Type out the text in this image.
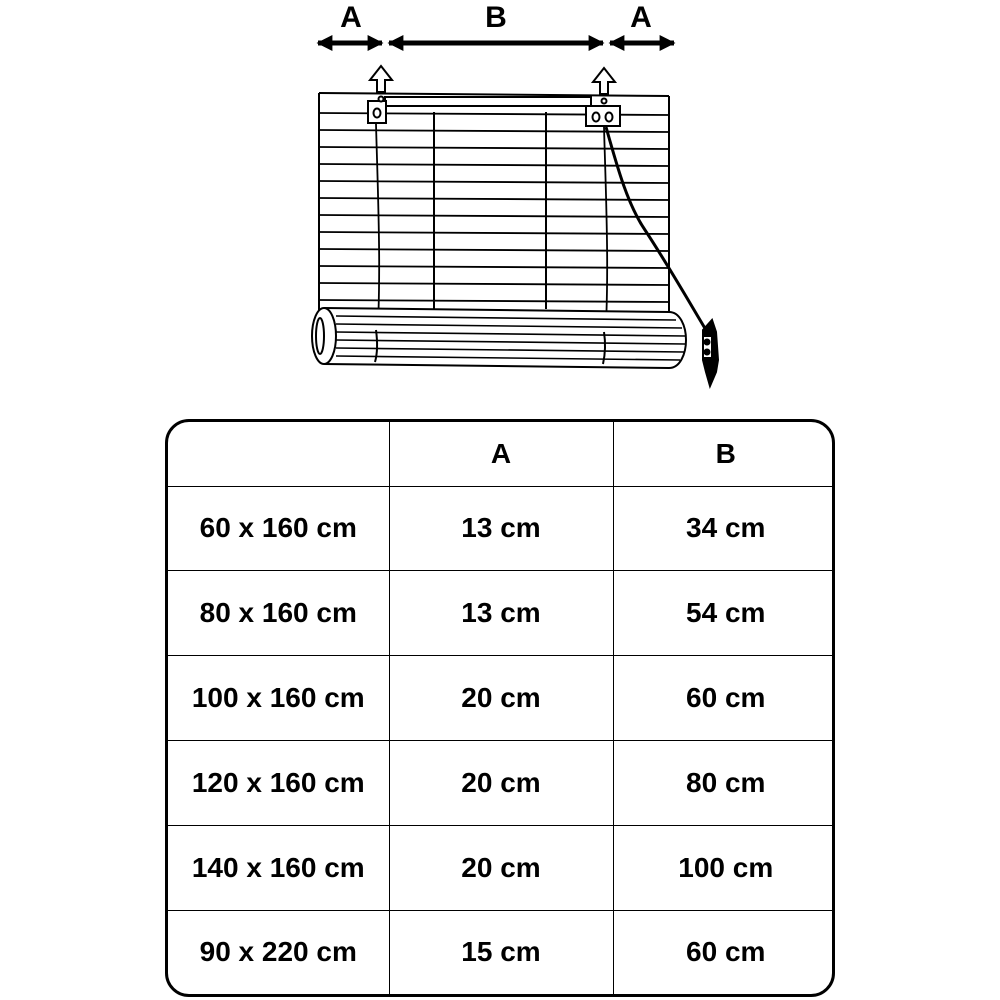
A	B	A
	A	B
60 x 160 cm	13 cm	34 cm
80 x 160 cm	13 cm	54 cm
100 x 160 cm	20 cm	60 cm
120 x 160 cm	20 cm	80 cm
140 x 160 cm	20 cm	100 cm
90 x 220 cm	15 cm	60 cm
